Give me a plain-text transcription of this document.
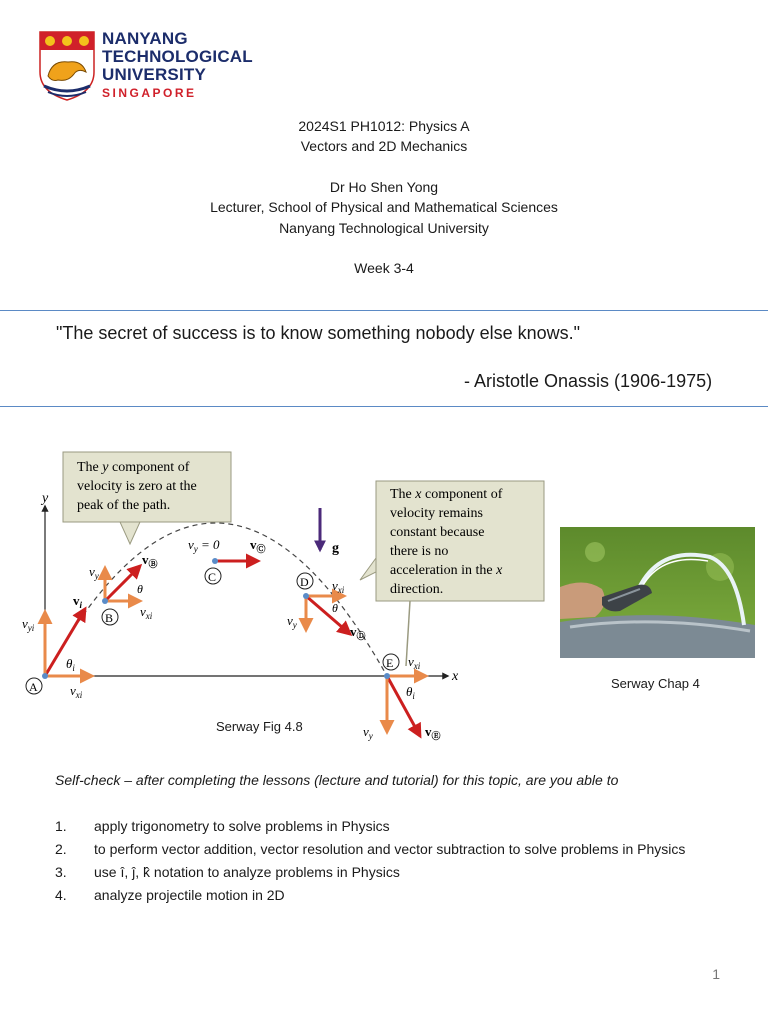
NANYANG
TECHNOLOGICAL
UNIVERSITY
SINGAPORE
2024S1 PH1012: Physics A
Vectors and 2D Mechanics
Dr Ho Shen Yong
Lecturer, School of Physical and Mathematical Sciences
Nanyang Technological University
Week 3-4
"The secret of success is to know something nobody else knows."
- Aristotle Onassis (1906-1975)
y
x
The y component of
velocity is zero at the
peak of the path.
The x component of
velocity remains
constant because
there is no
acceleration in the x
direction.
g
A
$\theta_i$
$v_{xi}$
$v_{yi}$
$v_i$
B
θ
$v_{xi}$
$v_y$
$v_Ⓑ$
C
$v_y = 0$ $v_Ⓒ$
D $v_{xi}$
θ
$v_y$	$v_Ⓓ$
E $v_{xi}$
$\theta_i$
$v_y$	$v_Ⓔ$
Serway Fig 4.8
Serway Chap 4
Self-check – after completing the lessons (lecture and tutorial) for this topic, are you able to
1.	apply trigonometry to solve problems in Physics
2.	to perform vector addition, vector resolution and vector subtraction to solve problems in Physics
3.	use î, ĵ, k̂ notation to analyze problems in Physics
4.	analyze projectile motion in 2D
1
